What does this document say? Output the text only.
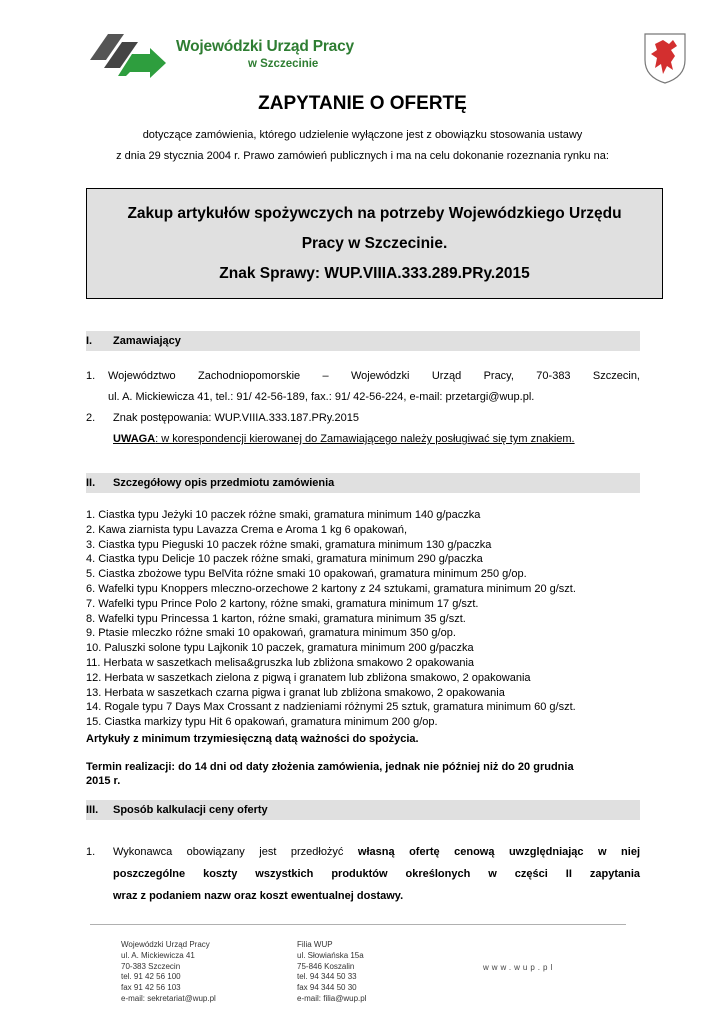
Wojewódzki Urząd Pracy
w Szczecinie
ZAPYTANIE O OFERTĘ
dotyczące zamówienia, którego udzielenie wyłączone jest z obowiązku stosowania ustawy
z dnia 29 stycznia 2004 r. Prawo zamówień publicznych i ma na celu dokonanie rozeznania rynku na:
Zakup artykułów spożywczych na potrzeby Wojewódzkiego Urzędu
Pracy w Szczecinie.
Znak Sprawy: WUP.VIIIA.333.289.PRy.2015
I. Zamawiający
1.	Województwo Zachodniopomorskie – Wojewódzki Urząd Pracy, 70-383 Szczecin,
ul. A. Mickiewicza 41, tel.: 91/ 42-56-189, fax.: 91/ 42-56-224, e-mail: przetargi@wup.pl.
2. Znak postępowania: WUP.VIIIA.333.187.PRy.2015
UWAGA: w korespondencji kierowanej do Zamawiającego należy posługiwać się tym znakiem.
II. Szczegółowy opis przedmiotu zamówienia
1. Ciastka typu Jeżyki 10 paczek różne smaki, gramatura minimum 140 g/paczka
2. Kawa ziarnista typu Lavazza Crema e Aroma 1 kg 6 opakowań,
3. Ciastka typu Pieguski 10 paczek różne smaki, gramatura minimum 130 g/paczka
4. Ciastka typu Delicje 10 paczek różne smaki, gramatura minimum 290 g/paczka
5. Ciastka zbożowe typu BelVita różne smaki 10 opakowań, gramatura minimum 250 g/op.
6. Wafelki typu Knoppers mleczno-orzechowe 2 kartony z 24 sztukami, gramatura minimum 20 g/szt.
7. Wafelki typu Prince Polo 2 kartony, różne smaki, gramatura minimum 17 g/szt.
8. Wafelki typu Princessa 1 karton, różne smaki, gramatura minimum 35 g/szt.
9. Ptasie mleczko różne smaki 10 opakowań, gramatura minimum 350 g/op.
10. Paluszki solone typu Lajkonik 10 paczek, gramatura minimum 200 g/paczka
11. Herbata w saszetkach melisa&gruszka lub zbliżona smakowo 2 opakowania
12. Herbata w saszetkach zielona z pigwą i granatem lub zbliżona smakowo, 2 opakowania
13. Herbata w saszetkach czarna pigwa i granat lub zbliżona smakowo, 2 opakowania
14. Rogale typu 7 Days Max Crossant z nadzieniami różnymi 25 sztuk, gramatura minimum 60 g/szt.
15. Ciastka markizy typu Hit 6 opakowań, gramatura minimum 200 g/op.
Artykuły z minimum trzymiesięczną datą ważności do spożycia.
Termin realizacji: do 14 dni od daty złożenia zamówienia, jednak nie później niż do 20 grudnia
2015 r.
III. Sposób kalkulacji ceny oferty
1.	Wykonawca obowiązany jest przedłożyć własną ofertę cenową uwzględniając w niej
poszczególne koszty wszystkich produktów określonych w części II zapytania
wraz z podaniem nazw oraz koszt ewentualnej dostawy.
Wojewódzki Urząd Pracy
ul. A. Mickiewicza 41
70-383 Szczecin
tel. 91 42 56 100
fax 91 42 56 103
e-mail: sekretariat@wup.pl
Filia WUP
ul. Słowiańska 15a
75-846 Koszalin
tel. 94 344 50 33
fax 94 344 50 30
e-mail: filia@wup.pl
www.wup.pl
